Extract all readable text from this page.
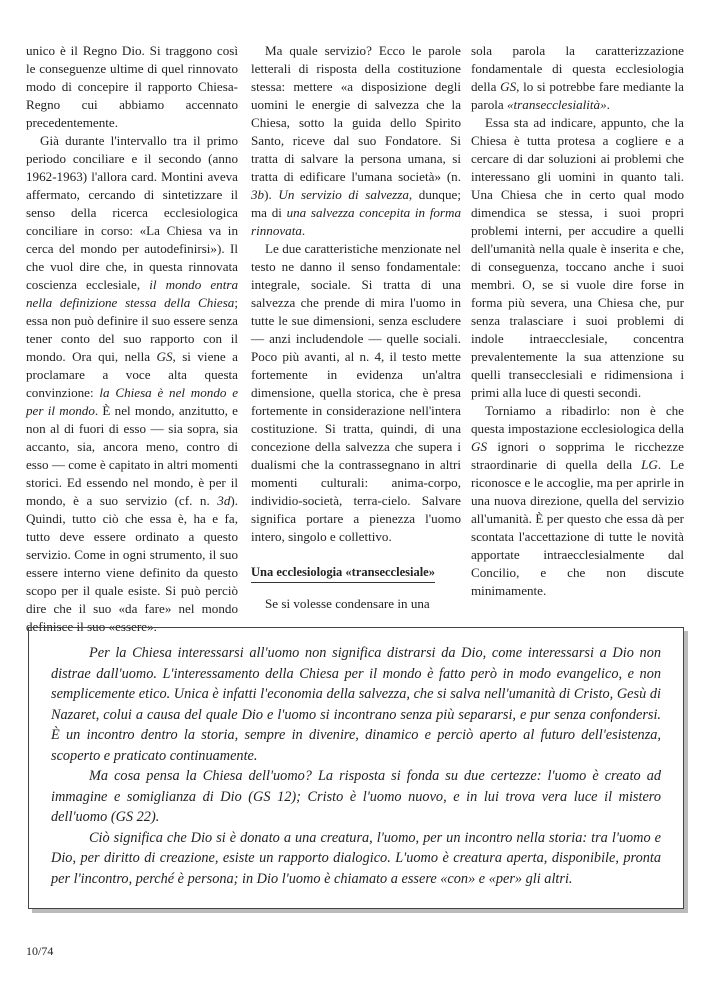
unico è il Regno Dio. Si traggono così le conseguenze ultime di quel rinnovato modo di concepire il rapporto Chiesa-Regno cui abbiamo accennato precedentemente.

Già durante l'intervallo tra il primo periodo conciliare e il secondo (anno 1962-1963) l'allora card. Montini aveva affermato, cercando di sintetizzare il senso della ricerca ecclesiologica conciliare in corso: «La Chiesa va in cerca del mondo per autodefinirsi»). Il che vuol dire che, in questa rinnovata coscienza ecclesiale, il mondo entra nella definizione stessa della Chiesa; essa non può definire il suo essere senza tener conto del suo rapporto con il mondo. Ora qui, nella GS, si viene a proclamare a voce alta questa convinzione: la Chiesa è nel mondo e per il mondo. È nel mondo, anzitutto, e non al di fuori di esso — sia sopra, sia accanto, sia, ancora meno, contro di esso — come è capitato in altri momenti storici. Ed essendo nel mondo, è per il mondo, è a suo servizio (cf. n. 3d). Quindi, tutto ciò che essa è, ha e fa, tutto deve essere ordinato a questo servizio. Come in ogni strumento, il suo essere interno viene definito da questo scopo per il quale esiste. Si può perciò dire che il suo «da fare» nel mondo definisce il suo «essere».

Ma quale servizio? Ecco le parole letterali di risposta della costituzione stessa: mettere «a disposizione degli uomini le energie di salvezza che la Chiesa, sotto la guida dello Spirito Santo, riceve dal suo Fondatore. Si tratta di salvare la persona umana, si tratta di edificare l'umana società» (n. 3b). Un servizio di salvezza, dunque; ma di una salvezza concepita in forma rinnovata.

Le due caratteristiche menzionate nel testo ne danno il senso fondamentale: integrale, sociale. Si tratta di una salvezza che prende di mira l'uomo in tutte le sue dimensioni, senza escludere — anzi includendole — quelle sociali. Poco più avanti, al n. 4, il testo mette fortemente in evidenza un'altra dimensione, quella storica, che è presa fortemente in considerazione nell'intera costituzione. Si tratta, quindi, di una concezione della salvezza che supera i dualismi che la contrassegnano in altri momenti culturali: anima-corpo, individio-società, terra-cielo. Salvare significa portare a pienezza l'uomo intero, singolo e collettivo.

Una ecclesiologia «transecclesiale»

Se si volesse condensare in una

sola parola la caratterizzazione fondamentale di questa ecclesiologia della GS, lo si potrebbe fare mediante la parola «transecclesialità».

Essa sta ad indicare, appunto, che la Chiesa è tutta protesa a cogliere e a cercare di dar soluzioni ai problemi che interessano gli uomini in quanto tali. Una Chiesa che in certo qual modo dimendica se stessa, i suoi propri problemi interni, per accudire a quelli dell'umanità nella quale è inserita e che, di conseguenza, toccano anche i suoi membri. O, se si vuole dire forse in forma più severa, una Chiesa che, pur senza tralasciare i suoi problemi di indole intraecclesiale, concentra prevalentemente la sua attenzione su quelli transecclesiali e ridimensiona i primi alla luce di questi secondi.

Torniamo a ribadirlo: non è che questa impostazione ecclesiologica della GS ignori o sopprima le ricchezze straordinarie di quella della LG. Le riconosce e le accoglie, ma per aprirle in una nuova direzione, quella del servizio all'umanità. È per questo che essa dà per scontata l'accettazione di tutte le novità apportate intraecclesialmente dal Concilio, e che non discute minimamente.

Per la Chiesa interessarsi all'uomo non significa distrarsi da Dio, come interessarsi a Dio non distrae dall'uomo. L'interessamento della Chiesa per il mondo è fatto però in modo evangelico, e non semplicemente etico. Unica è infatti l'economia della salvezza, che si salva nell'umanità di Cristo, Gesù di Nazaret, colui a causa del quale Dio e l'uomo si incontrano senza più separarsi, e pur senza confondersi. È un incontro dentro la storia, sempre in divenire, dinamico e perciò aperto al futuro dell'esistenza, scoperto e praticato continuamente.

Ma cosa pensa la Chiesa dell'uomo? La risposta si fonda su due certezze: l'uomo è creato ad immagine e somiglianza di Dio (GS 12); Cristo è l'uomo nuovo, e in lui trova vera luce il mistero dell'uomo (GS 22).

Ciò significa che Dio si è donato a una creatura, l'uomo, per un incontro nella storia: tra l'uomo e Dio, per diritto di creazione, esiste un rapporto dialogico. L'uomo è creatura aperta, disponibile, pronta per l'incontro, perché è persona; in Dio l'uomo è chiamato a essere «con» e «per» gli altri.

10/74
